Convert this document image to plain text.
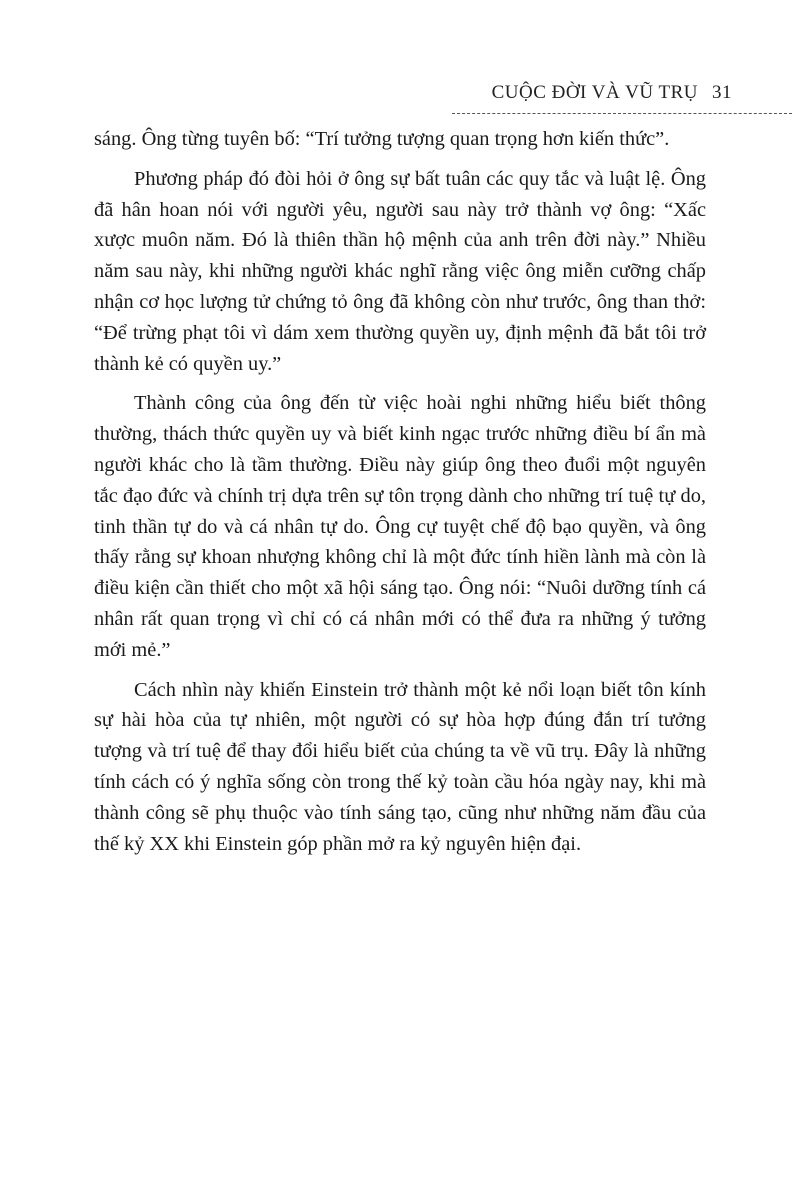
CUỘC ĐỜI VÀ VŨ TRỤ 31

sáng. Ông từng tuyên bố: “Trí tưởng tượng quan trọng hơn kiến thức”.

Phương pháp đó đòi hỏi ở ông sự bất tuân các quy tắc và luật lệ. Ông đã hân hoan nói với người yêu, người sau này trở thành vợ ông: “Xấc xược muôn năm. Đó là thiên thần hộ mệnh của anh trên đời này.” Nhiều năm sau này, khi những người khác nghĩ rằng việc ông miễn cưỡng chấp nhận cơ học lượng tử chứng tỏ ông đã không còn như trước, ông than thở: “Để trừng phạt tôi vì dám xem thường quyền uy, định mệnh đã bắt tôi trở thành kẻ có quyền uy.”

Thành công của ông đến từ việc hoài nghi những hiểu biết thông thường, thách thức quyền uy và biết kinh ngạc trước những điều bí ẩn mà người khác cho là tầm thường. Điều này giúp ông theo đuổi một nguyên tắc đạo đức và chính trị dựa trên sự tôn trọng dành cho những trí tuệ tự do, tinh thần tự do và cá nhân tự do. Ông cự tuyệt chế độ bạo quyền, và ông thấy rằng sự khoan nhượng không chỉ là một đức tính hiền lành mà còn là điều kiện cần thiết cho một xã hội sáng tạo. Ông nói: “Nuôi dưỡng tính cá nhân rất quan trọng vì chỉ có cá nhân mới có thể đưa ra những ý tưởng mới mẻ.”

Cách nhìn này khiến Einstein trở thành một kẻ nổi loạn biết tôn kính sự hài hòa của tự nhiên, một người có sự hòa hợp đúng đắn trí tưởng tượng và trí tuệ để thay đổi hiểu biết của chúng ta về vũ trụ. Đây là những tính cách có ý nghĩa sống còn trong thế kỷ toàn cầu hóa ngày nay, khi mà thành công sẽ phụ thuộc vào tính sáng tạo, cũng như những năm đầu của thế kỷ XX khi Einstein góp phần mở ra kỷ nguyên hiện đại.
